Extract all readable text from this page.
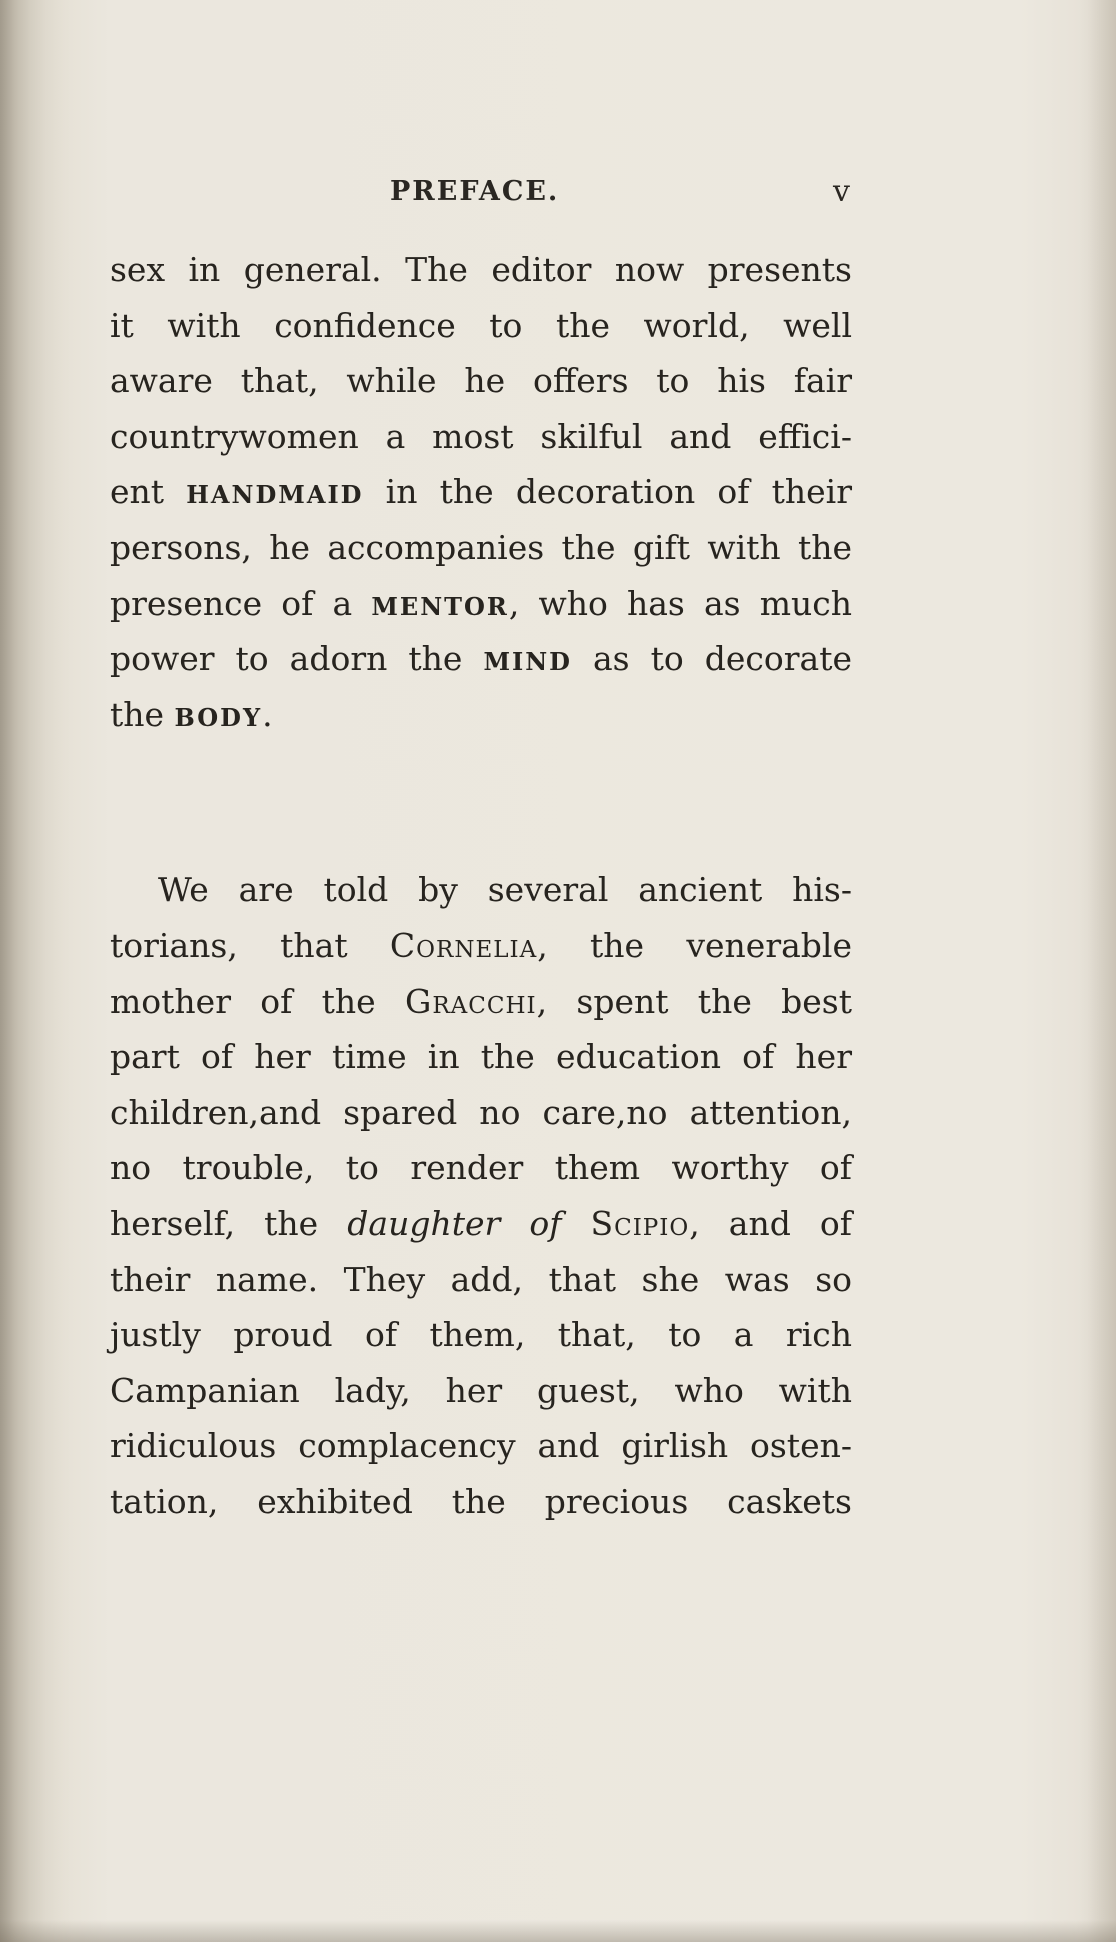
PREFACE.	v
sex in general. The editor now presents
it with confidence to the world, well
aware that, while he offers to his fair
countrywomen a most skilful and effici-
ent HANDMAID in the decoration of their
persons, he accompanies the gift with the
presence of a MENTOR, who has as much
power to adorn the MIND as to decorate
the BODY.
We are told by several ancient his-
torians, that Cornelia, the venerable
mother of the Gracchi, spent the best
part of her time in the education of her
children,and spared no care,no attention,
no trouble, to render them worthy of
herself, the daughter of Scipio, and of
their name. They add, that she was so
justly proud of them, that, to a rich
Campanian lady, her guest, who with
ridiculous complacency and girlish osten-
tation, exhibited the precious caskets
